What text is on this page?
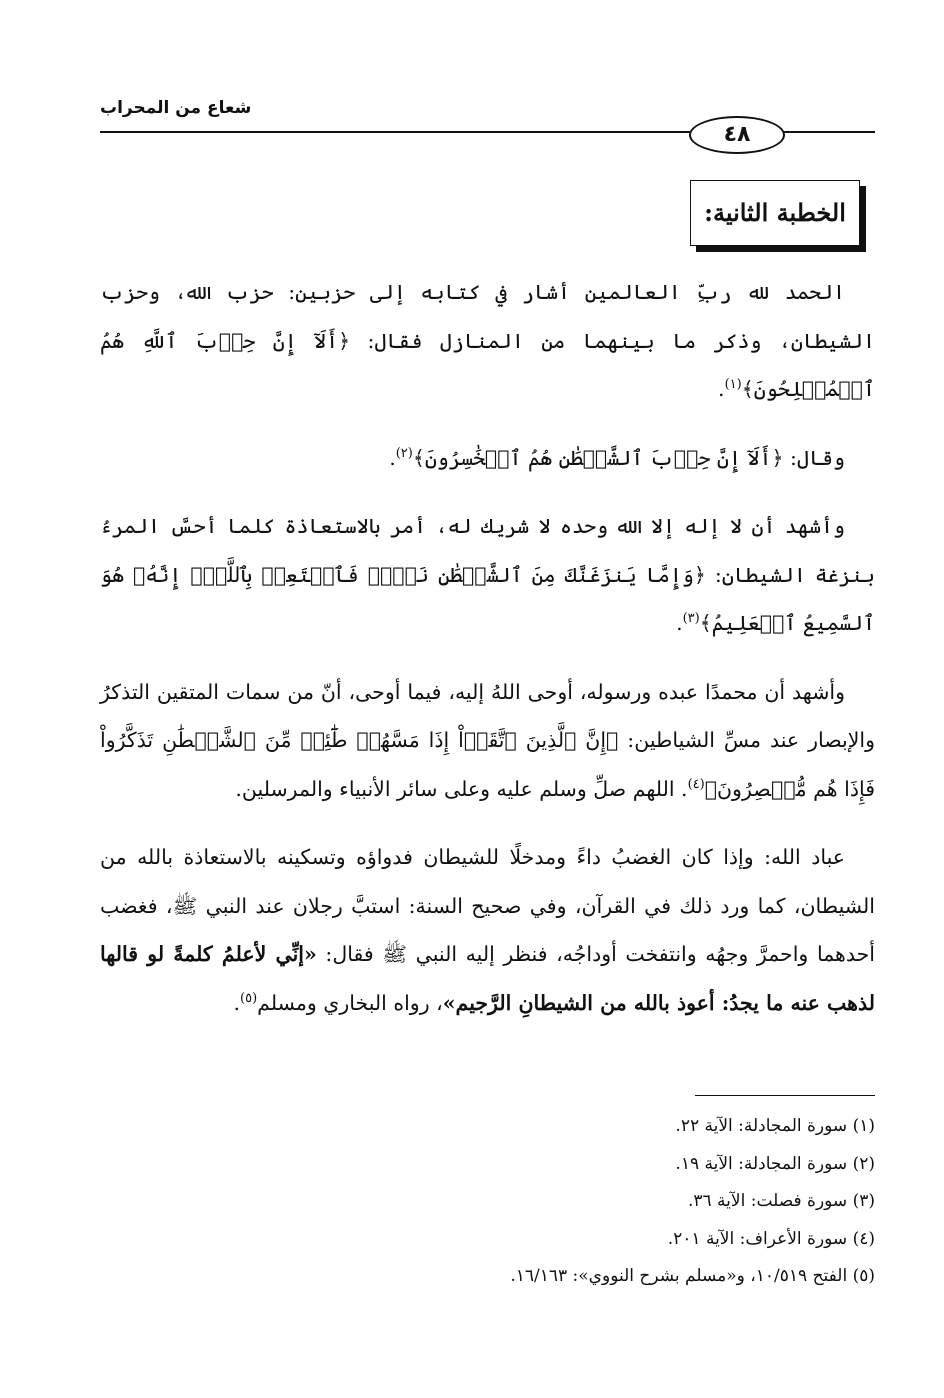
شعاع من المحراب
٤٨
الخطبة الثانية:

الحمد لله ربِّ العالمين أشار في كتابه إلى حزبين: حزب الله، وحزب الشيطان، وذكر ما بينهما من المنازل فقال: ﴿أَلَآ إِنَّ حِزۡبَ ٱللَّهِ هُمُ ٱلۡمُفۡلِحُونَ﴾$^{(١)}$.

وقال: ﴿أَلَآ إِنَّ حِزۡبَ ٱلشَّيۡطَٰنِ هُمُ ٱلۡخَٰسِرُونَ﴾$^{(٢)}$.

وأشهد أن لا إله إلا الله وحده لا شريك له، أمر بالاستعاذة كلما أحسَّ المرءُ بنزغة الشيطان: ﴿وَإِمَّا يَنزَغَنَّكَ مِنَ ٱلشَّيۡطَٰنِ نَزۡغٞ فَٱسۡتَعِذۡ بِٱللَّهِۖ إِنَّهُۥ هُوَ ٱلسَّمِيعُ ٱلۡعَلِيمُ﴾$^{(٣)}$.

وأشهد أن محمدًا عبده ورسوله، أوحى اللهُ إليه، فيما أوحى، أنّ من سمات المتقين التذكرُ والإبصار عند مسِّ الشياطين: ﴿إِنَّ ٱلَّذِينَ ٱتَّقَوۡاْ إِذَا مَسَّهُمۡ طَٰٓئِفٞ مِّنَ ٱلشَّيۡطَٰنِ تَذَكَّرُواْ فَإِذَا هُم مُّبۡصِرُونَ﴾$^{(٤)}$. اللهم صلِّ وسلم عليه وعلى سائر الأنبياء والمرسلين.

عباد الله: وإذا كان الغضبُ داءً ومدخلًا للشيطان فدواؤه وتسكينه بالاستعاذة بالله من الشيطان، كما ورد ذلك في القرآن، وفي صحيح السنة: استبَّ رجلان عند النبي ﷺ، فغضب أحدهما واحمرَّ وجهُه وانتفخت أوداجُه، فنظر إليه النبي ﷺ فقال: «إنِّي لأعلمُ كلمةً لو قالها لذهب عنه ما يجدُ: أعوذ بالله من الشيطانِ الرَّجيم»، رواه البخاري ومسلم$^{(٥)}$.

(١) سورة المجادلة: الآية ٢٢.
(٢) سورة المجادلة: الآية ١٩.
(٣) سورة فصلت: الآية ٣٦.
(٤) سورة الأعراف: الآية ٢٠١.
(٥) الفتح ١٠/٥١٩، و«مسلم بشرح النووي»: ١٦/١٦٣.
